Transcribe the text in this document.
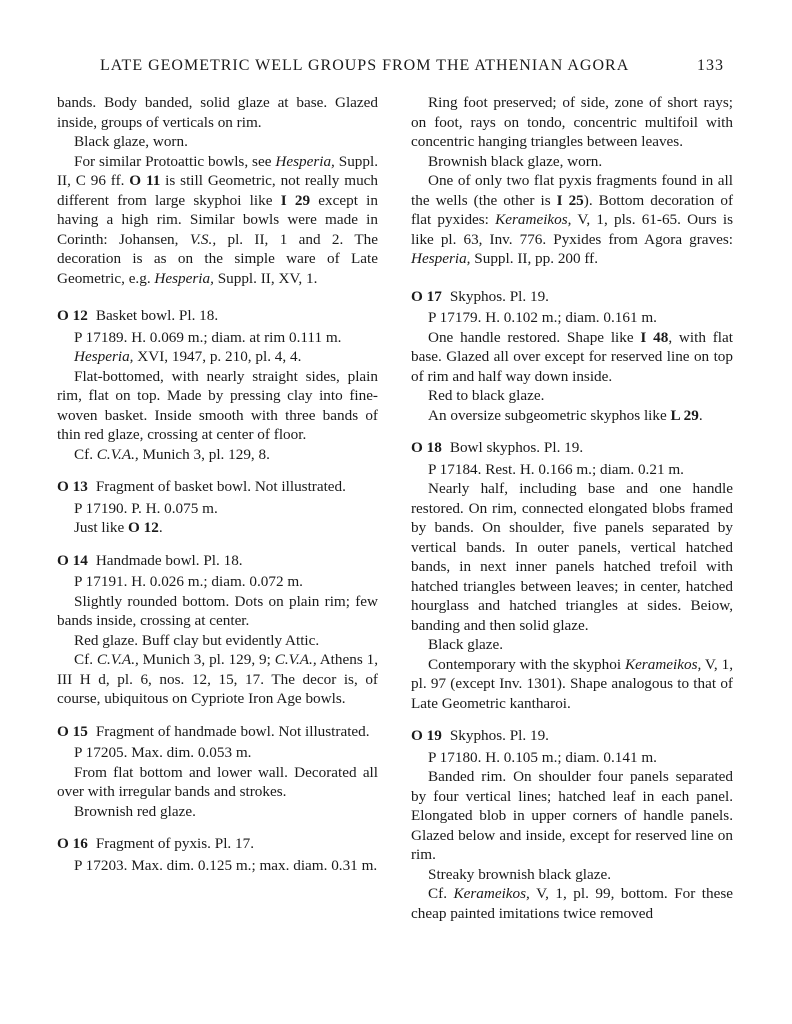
LATE GEOMETRIC WELL GROUPS FROM THE ATHENIAN AGORA	133

bands. Body banded, solid glaze at base. Glazed inside, groups of verticals on rim.

Black glaze, worn.

For similar Protoattic bowls, see Hesperia, Suppl. II, C 96 ff. O 11 is still Geometric, not really much different from large skyphoi like I 29 except in having a high rim. Similar bowls were made in Corinth: Johansen, V.S., pl. II, 1 and 2. The decoration is as on the simple ware of Late Geometric, e.g. Hesperia, Suppl. II, XV, 1.

O 12 Basket bowl. Pl. 18.

P 17189. H. 0.069 m.; diam. at rim 0.111 m.

Hesperia, XVI, 1947, p. 210, pl. 4, 4.

Flat-bottomed, with nearly straight sides, plain rim, flat on top. Made by pressing clay into fine-woven basket. Inside smooth with three bands of thin red glaze, crossing at center of floor.

Cf. C.V.A., Munich 3, pl. 129, 8.

O 13 Fragment of basket bowl. Not illustrated.

P 17190. P. H. 0.075 m.

Just like O 12.

O 14 Handmade bowl. Pl. 18.

P 17191. H. 0.026 m.; diam. 0.072 m.

Slightly rounded bottom. Dots on plain rim; few bands inside, crossing at center.

Red glaze. Buff clay but evidently Attic.

Cf. C.V.A., Munich 3, pl. 129, 9; C.V.A., Athens 1, III H d, pl. 6, nos. 12, 15, 17. The decor is, of course, ubiquitous on Cypriote Iron Age bowls.

O 15 Fragment of handmade bowl. Not illustrated.

P 17205. Max. dim. 0.053 m.

From flat bottom and lower wall. Decorated all over with irregular bands and strokes.

Brownish red glaze.

O 16 Fragment of pyxis. Pl. 17.

P 17203. Max. dim. 0.125 m.; max. diam. 0.31 m.

Ring foot preserved; of side, zone of short rays; on foot, rays on tondo, concentric multifoil with concentric hanging triangles between leaves.

Brownish black glaze, worn.

One of only two flat pyxis fragments found in all the wells (the other is I 25). Bottom decoration of flat pyxides: Kerameikos, V, 1, pls. 61-65. Ours is like pl. 63, Inv. 776. Pyxides from Agora graves: Hesperia, Suppl. II, pp. 200 ff.

O 17 Skyphos. Pl. 19.

P 17179. H. 0.102 m.; diam. 0.161 m.

One handle restored. Shape like I 48, with flat base. Glazed all over except for reserved line on top of rim and half way down inside.

Red to black glaze.

An oversize subgeometric skyphos like L 29.

O 18 Bowl skyphos. Pl. 19.

P 17184. Rest. H. 0.166 m.; diam. 0.21 m.

Nearly half, including base and one handle restored. On rim, connected elongated blobs framed by bands. On shoulder, five panels separated by vertical bands. In outer panels, vertical hatched bands, in next inner panels hatched trefoil with hatched triangles between leaves; in center, hatched hourglass and hatched triangles at sides. Beiow, banding and then solid glaze.

Black glaze.

Contemporary with the skyphoi Kerameikos, V, 1, pl. 97 (except Inv. 1301). Shape analogous to that of Late Geometric kantharoi.

O 19 Skyphos. Pl. 19.

P 17180. H. 0.105 m.; diam. 0.141 m.

Banded rim. On shoulder four panels separated by four vertical lines; hatched leaf in each panel. Elongated blob in upper corners of handle panels. Glazed below and inside, except for reserved line on rim.

Streaky brownish black glaze.

Cf. Kerameikos, V, 1, pl. 99, bottom. For these cheap painted imitations twice removed
